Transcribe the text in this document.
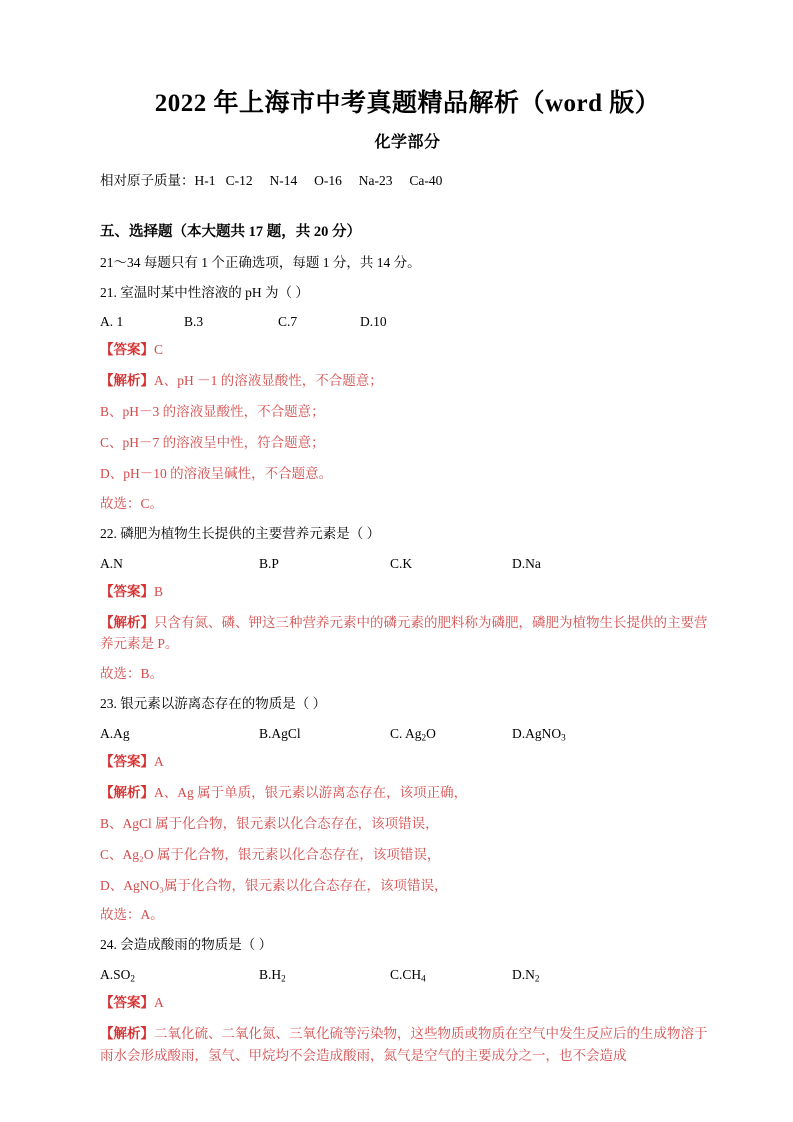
2022 年上海市中考真题精品解析（word 版）
化学部分

相对原子质量：H-1   C-12     N-14     O-16     Na-23     Ca-40

五、选择题（本大题共 17 题，共 20 分）

21～34 每题只有 1 个正确选项，每题 1 分，共 14 分。

21. 室温时某中性溶液的 pH 为（ ）

A. 1	B.3	C.7	D.10

【答案】C

【解析】A、pH －1 的溶液显酸性，不合题意；

B、pH－3 的溶液显酸性，不合题意；

C、pH－7 的溶液呈中性，符合题意；

D、pH－10 的溶液呈碱性，不合题意。

故选：C。

22. 磷肥为植物生长提供的主要营养元素是（ ）

A.N	B.P	C.K	D.Na

【答案】B

【解析】只含有氮、磷、钾这三种营养元素中的磷元素的肥料称为磷肥，磷肥为植物生长提供的主要营养元素是 P。

故选：B。

23. 银元素以游离态存在的物质是（ ）

A.Ag	B.AgCl	C. $Ag_2O$	D.AgNO$_3$

【答案】A

【解析】A、Ag 属于单质，银元素以游离态存在，该项正确，

B、AgCl 属于化合物，银元素以化合态存在，该项错误，

C、Ag₂O 属于化合物，银元素以化合态存在，该项错误，

D、AgNO₃属于化合物，银元素以化合态存在，该项错误，

故选：A。

24. 会造成酸雨的物质是（ ）

$A.SO_2$	$B.H_2$	$C.CH_4$	$D.N_2$

【答案】A

【解析】二氧化硫、二氧化氮、三氧化硫等污染物，这些物质或物质在空气中发生反应后的生成物溶于雨水会形成酸雨，氢气、甲烷均不会造成酸雨，氮气是空气的主要成分之一，也不会造成
